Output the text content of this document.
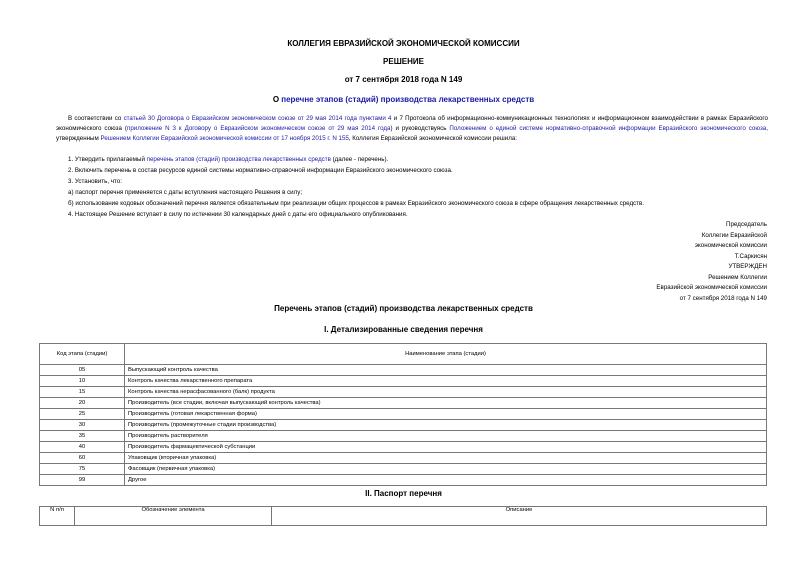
КОЛЛЕГИЯ ЕВРАЗИЙСКОЙ ЭКОНОМИЧЕСКОЙ КОМИССИИ
РЕШЕНИЕ
от 7 сентября 2018 года N 149
О перечне этапов (стадий) производства лекарственных средств
В соответствии со статьей 30 Договора о Евразийском экономическом союзе от 29 мая 2014 года пунктами 4 и 7 Протокола об информационно-коммуникационных технологиях и информационном взаимодействии в рамках Евразийского экономического союза (приложение N 3 к Договору о Евразийском экономическом союзе от 29 мая 2014 года) и руководствуясь Положением о единой системе нормативно-справочной информации Евразийского экономического союза, утвержденным Решением Коллегии Евразийской экономической комиссии от 17 ноября 2015 г. N 155, Коллегия Евразийской экономической комиссии решила:
1. Утвердить прилагаемый перечень этапов (стадий) производства лекарственных средств (далее - перечень).
2. Включить перечень в состав ресурсов единой системы нормативно-справочной информации Евразийского экономического союза.
3. Установить, что:
а) паспорт перечня применяется с даты вступления настоящего Решения в силу;
б) использование кодовых обозначений перечня является обязательным при реализации общих процессов в рамках Евразийского экономического союза в сфере обращения лекарственных средств.
4. Настоящее Решение вступает в силу по истечении 30 календарных дней с даты его официального опубликования.
Председатель
Коллегии Евразийской
экономической комиссии
Т.Саркисян
УТВЕРЖДЕН
Решением Коллегии
Евразийской экономической комиссии
от 7 сентября 2018 года N 149
Перечень этапов (стадий) производства лекарственных средств
I. Детализированные сведения перечня
Код этапа (стадии)	Наименование этапа (стадии)
05	Выпускающий контроль качества
10	Контроль качества лекарственного препарата
15	Контроль качества нерасфасованного (балк) продукта
20	Производитель (все стадии, включая выпускающий контроль качества)
25	Производитель (готовая лекарственная форма)
30	Производитель (промежуточные стадии производства)
35	Производитель растворителя
40	Производитель фармацевтической субстанции
60	Упаковщик (вторичная упаковка)
75	Фасовщик (первичная упаковка)
99	Другое
II. Паспорт перечня
N п/п	Обозначение элемента	Описание
